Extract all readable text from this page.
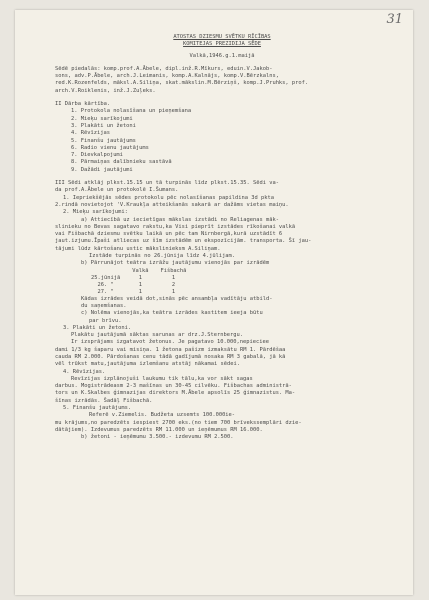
31
ATOSTAS DZIESMU SVĒTKU RĪCĪBAS
KOMITEJAS PREZIDIJA SĒDE
Valkā,1946.g.1.maijā
Sēdē piedalās: komp.prof.A.Ābele, dipl.inž.R.Mīkurs, eduin.V.Jakob-
sons, adv.P.Ābele, arch.J.Leimanis, komp.A.Kalnājs, komp.V.Bērzkalns,
red.K.Rozenfelds, māksl.A.Siliņa, skat.mākslin.M.Bērziņš, komp.J.Pruhks, prof.
arch.V.Roiklenis, inž.J.Zuļeks.
II Dārba kārtība.
1. Protokola nolasīšana un pieņemšana
2. Mieķu sarīkojumi
3. Plakāti un žetoni
4. Rēvīzijas
5. Finanšu jautājums
6. Radio vienu jautājums
7. Dievkalpojumi
8. Pārmaiņas dalībnieku sastāvā
9. Dažādi jautājumi
III Sēdi atklāj plkst.15.15 un tā turpinās līdz plkst.15.35. Sēdi va-
da prof.A.Ābele un protokolē I.Šumans.
1. Iepriekšējās sēdes protokolu pēc nolasīšanas papildina 3d pkta
2.rindā novietojot 'V.Kraukļa atteikšanās sakarā ar dažāms vietas maiņu.
2. Mieķu sarīkojumi:
a) Attiecībā uz iecietīgas mākslas izstādi no Reliagenas māk-
slinieku no Bevas sagatavo rakstu,ka Visi pieprīt izstādes rīkošanai valkā
vai Fišbachā dziesmu svētku laikā un pēc tam Nirnbergā,kurā uzstādīt 6
jaut.izjumu.Īpaši atliecas uz šīm izstādēm un ekspozīcijām. transporta. Šī jau-
tājumi lūdz kārtošanu ustic mākslinieksm A.Siliņam.
Izstāde turpinās no 26.jūnija līdz 4.jūlijam.
b) Pārrunājot teātra izrāžu jautājumu vienojās par izrādēm
	Valkā	Fišbachā
25.jūnijā	1	1
26. "	1	2
27. "	1	1
Kādas izrādes veidā dot,sinās pēc ansambļa vadītāju atbild-
du saņemšanas.
c) Nolēma vienojās,ka teātra izrādes kastitem ieeja būtu
par brīvu.
3. Plakāti un žetoni.
Plakātu jautājumā sāktas sarunas ar drz.J.Sternbergu.
Ir izsprājams izgatavot žetonus. Je pagatavo 10.000,nepieciee
dami 1/3 kg šaparu vai misiņa. 1 žetona pašizm izmaksātu RM 1. Pārdēšaa
cauda RM 2.000. Pārdošanas cenu tādā gadījumā nosaka RM 3 gabalā, jā kā
vēl trūkst matu,jautājuma izlemšanu atstāj nākamai sēdei.
4. Rēvīzijas.
Revīzijas izplānojuši laukumu tik tālu,ka vor sākt sagas
darbus. Mogistrādeasm 2-3 mašīnas un 30-45 cilvēku. Fišbachas administrā-
tors un K.Skalbes ģimnazijas direktors M.Ābele apsolīs 25 ģimnazistus. Ma-
šīnas izrādās. Šadāļ Fišbachā.
5. Finanšu jautājums.
Referē v.Ziemelis. Budžeta uzsemts 100.000ie-
mu krājums,no paredzēts iespiest 2700 eks.(no tiem 700 brīvekssemplāri dzie-
dātājiem). Izdevumus paredzēts RM 11.000 un ieņēmumus RM 16.000.
b) žetoni - ieņēmumu 3.500.- izdevumu RM 2.500.
